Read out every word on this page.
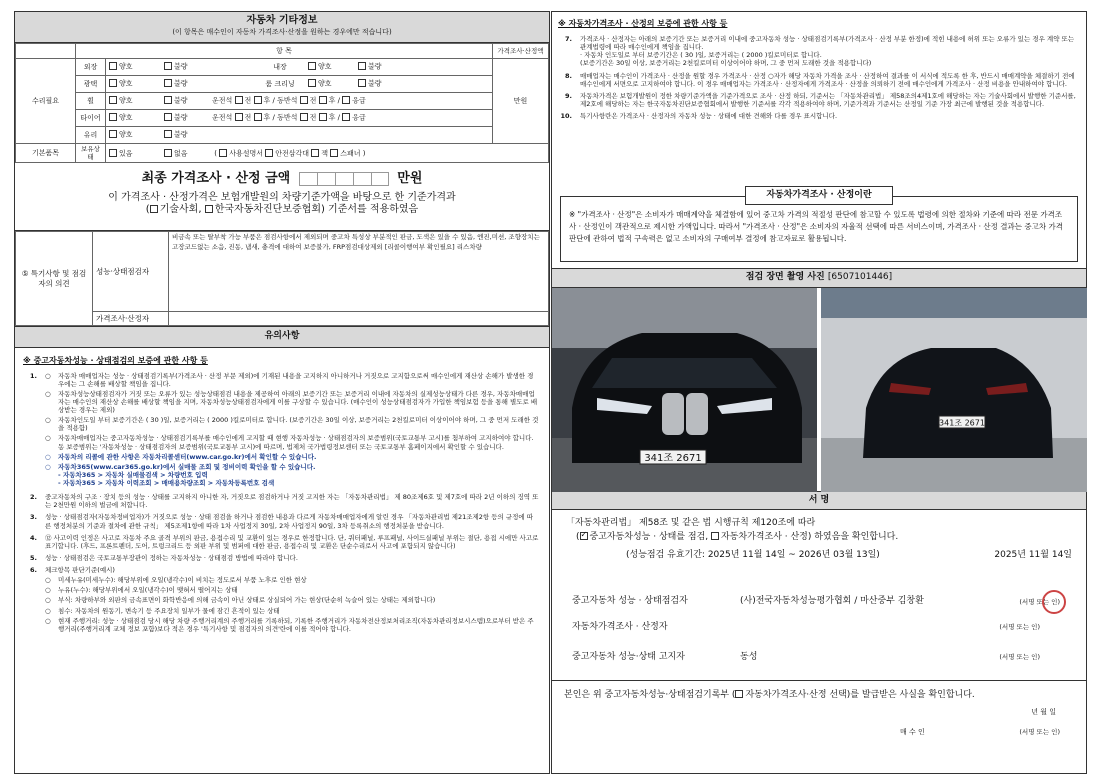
자동차 기타정보
(이 항목은 매수인이 자동차 가격조사·산정을 원하는 경우에만 적습니다)
	항 목		가격조사·산정액
수리필요	외장	양호 불량 내장 양호 불량	만원
	광택	양호 불량 룸 크리닝 양호 불량	
	휠	양호 불량 운전석 전 후 / 동반석 전 후 / 응급	
	타이어	양호 불량 운전석 전 후 / 동반석 전 후 / 응급	
	유리	양호 불량	
기본품목	보유상태	있음 없음 ( 사용설명서 안전삼각대 잭 스패너 )	
최종 가격조사 · 산정 금액	만원
이 가격조사 · 산정가격은 보험개발원의 차량기준가액을 바탕으로 한 기준가격과
( 기술사회, 한국자동차진단보증협회) 기준서를 적용하였음
⑤ 특기사항 및 점검자의 의견	성능·상태점검자	비금속 또는 탈부착 가능 부품은 점검사항에서 제외되며 중고차 특성상 부분적인 판금, 도색은 있을 수 있음, 엔진,미션, 조향장치는 고장코드없는 소음, 진동, 냄새, 충격에 대하여 보증불가, FRP점검대상제외 [리콜이행여부 확인필요] 리스차량
	가격조사·산정자	
유의사항
※ 중고자동차성능 · 상태점검의 보증에 관한 사항 등
1. ○	자동차 매매업자는 성능 · 상태점검기록부(가격조사 · 산정 부문 제외)에 기재된 내용을 고지하지 아니하거나 거짓으로 고지함으로써 매수인에게 재산상 손해가 발생한 경우에는 그 손해를 배상할 책임을 집니다.
○	자동차성능상태점검자가 거짓 또는 오류가 있는 성능상태점검 내용을 제공하여 아래의 보증기간 또는 보증거리 이내에 자동차의 실제성능상태가 다른 경우, 자동차매매업자는 매수인의 재산상 손해를 배상할 책임을 지며, 자동차성능상태점검자에게 이를 구상할 수 있습니다. (매수인이 성능상태점검자가 가입한 책임보험 등을 통해 별도로 배상받는 경우는 제외)
○	자동차인도일 부터 보증기간은 ( 30 )일, 보증거리는 ( 2000 )킬로미터로 합니다. (보증기간은 30일 이상, 보증거리는 2천킬로미터 이상이어야 하며, 그 중 먼저 도래한 것을 적용함)
○	자동차매매업자는 중고자동차성능 · 상태점검기록부를 매수인에게 고지할 때 현행 자동차성능 · 상태점검자의 보증범위(국토교통부 고시)를 첨부하여 고지하여야 합니다. 동 보증범위는 '자동차성능 · 상태점검자의 보증범위(국토교통부 고시)에 따르며, 법제처 국가법령정보센터 또는 국토교통부 홈페이지에서 확인할 수 있습니다.
○	자동차의 리콜에 관한 사항은 자동차리콜센터(www.car.go.kr)에서 확인할 수 있습니다.
○	자동차365(www.car365.go.kr)에서 실매물 조회 및 정비이력 확인을 할 수 있습니다.
- 자동차365 > 자동차 실매물검색 > 차량번호 입력
- 자동차365 > 자동차 이력조회 > 매매용차량조회 > 자동차등록번호 검색
2. 중고자동차의 구조 · 장치 등의 성능 · 상태를 고지하지 아니한 자, 거짓으로 점검하거나 거짓 고지한 자는 「자동차관리법」 제 80조제6호 및 제7호에 따라 2년 이하의 징역 또는 2천만원 이하의 벌금에 처합니다.
3. 성능 · 상태점검자(자동차정비업자)가 거짓으로 성능 · 상태 점검을 하거나 점검한 내용과 다르게 자동차매매업자에게 알린 경우 「자동차관리법 제21조제2항 등의 규정에 따른 행정처분의 기준과 절차에 관한 규칙」 제5조제1항에 따라 1차 사업정지 30일, 2차 사업정지 90일, 3차 등록취소의 행정처분을 받습니다.
4. ⑫ 사고이력 인정은 사고로 자동차 주요 골격 부위의 판금, 용접수리 및 교환이 있는 경우로 한정합니다. 단, 쿼터패널, 루프패널, 사이드실패널 부위는 절단, 용접 시에만 사고로 표기합니다. (후드, 프론트펜더, 도어, 트렁크리드 등 외판 부위 및 범퍼에 대한 판금, 용접수리 및 교환은 단순수리로서 사고에 포함되지 않습니다)
5. 성능 · 상태점검은 국토교통부장관이 정하는 자동차성능 · 상태점검 방법에 따라야 합니다.
6. 체크항목 판단기준(예시)
○	미세누유(미세누수): 해당부위에 오일(냉각수)이 비치는 정도로서 부품 노후로 인한 현상
○	누유(누수): 해당부위에서 오일(냉각수)이 맺혀서 떨어지는 상태
○	부식: 차량하부와 외판의 금속표면이 화학반응에 의해 금속이 아닌 상태로 상실되어 가는 현상(단순히 녹슬어 있는 상태는 제외합니다)
○	침수: 자동차의 원동기, 변속기 등 주요장치 일부가 물에 잠긴 흔적이 있는 상태
○	현재 주행거리: 성능 · 상태점검 당시 해당 차량 주행거리계의 주행거리를 기록하되, 기록한 주행거리가 자동차전산정보처리조직(자동차관리정보시스템)으로부터 받은 주행거리(주행거리계 교체 정보 포함)보다 적은 경우 '특기사항 및 점검자의 의견'란에 이를 적어야 합니다.
※ 자동차가격조사 · 산정의 보증에 관한 사항 등
7. 가격조사 · 산정자는 아래의 보증기간 또는 보증거리 이내에 중고자동차 성능 · 상태점검기록부(가격조사 · 산정 부분 한정)에 적힌 내용에 허위 또는 오류가 있는 경우 계약 또는 관계법령에 따라 매수인에게 책임을 집니다.
· 자동차 인도일로 부터 보증기간은 ( 30 )일, 보증거리는 ( 2000 )킬로미터로 합니다.
(보증기간은 30일 이상, 보증거리는 2천킬로미터 이상이어야 하며, 그 중 먼저 도래한 것을 적용합니다)
8. 매매업자는 매수인이 가격조사 · 산정을 원할 경우 가격조사 · 산정 ○자가 해당 자동차 가격을 조사 · 산정하여 결과를 이 서식에 적도록 한 후, 반드시 매매계약을 체결하기 전에 매수인에게 서면으로 고지하여야 합니다. 이 경우 매매업자는 가격조사 · 산정자에게 가격조사 · 산정을 의뢰하기 전에 매수인에게 가격조사 · 산정 비용을 안내하여야 합니다.
9. 자동차가격은 보험개발원이 정한 차량기준가액을 기준가격으로 조사 · 산정 하되, 기준서는 「자동차관리법」 제58조의4제1호에 해당하는 자는 기술사회에서 발행한 기준서를, 제2호에 해당하는 자는 한국자동차진단보증협회에서 발행한 기준서를 각각 적용하여야 하며, 기준가격과 기준서는 산정일 기준 가장 최근에 발행된 것을 적용합니다.
10. 특기사항란은 가격조사 · 산정자의 자동차 성능 · 상태에 대한 견해와 다를 경우 표시합니다.
자동차가격조사 · 산정이란
※ "가격조사 · 산정"은 소비자가 매매계약을 체결함에 있어 중고차 가격의 적절성 판단에 참고할 수 있도록 법령에 의한 절차와 기준에 따라 전문 가격조사 · 산정인이 객관적으로 제시한 가액입니다. 따라서 "가격조사 · 산정"은 소비자의 자율적 선택에 따른 서비스이며, 가격조사 · 산정 결과는 중고차 가격판단에 관하여 법적 구속력은 없고 소비자의 구매여부 결정에 참고자료로 활용됩니다.
점검 장면 촬영 사진 [6507101446]
341조 2671
341조 2671
서 명
「자동차관리법」 제58조 및 같은 법 시행규칙 제120조에 따라
( ✓ 중고자동차성능 · 상태를 점검, 자동차가격조사 · 산정) 하였음을 확인합니다.
(성능점검 유효기간: 2025년 11월 14일 ~ 2026년 03월 13일)	2025년 11월 14일
중고자동차 성능 · 상태점검자	(사)전국자동차성능평가협회 / 마산중부 김창환	(서명 또는 인)
자동차가격조사 · 산정자	(서명 또는 인)
중고자동차 성능·상태 고지자	동성	(서명 또는 인)
본인은 위 중고자동차성능·상태점검기록부 ( 자동차가격조사·산정 선택)를 발급받은 사실을 확인합니다.
년 월 일
매 수 인	(서명 또는 인)
